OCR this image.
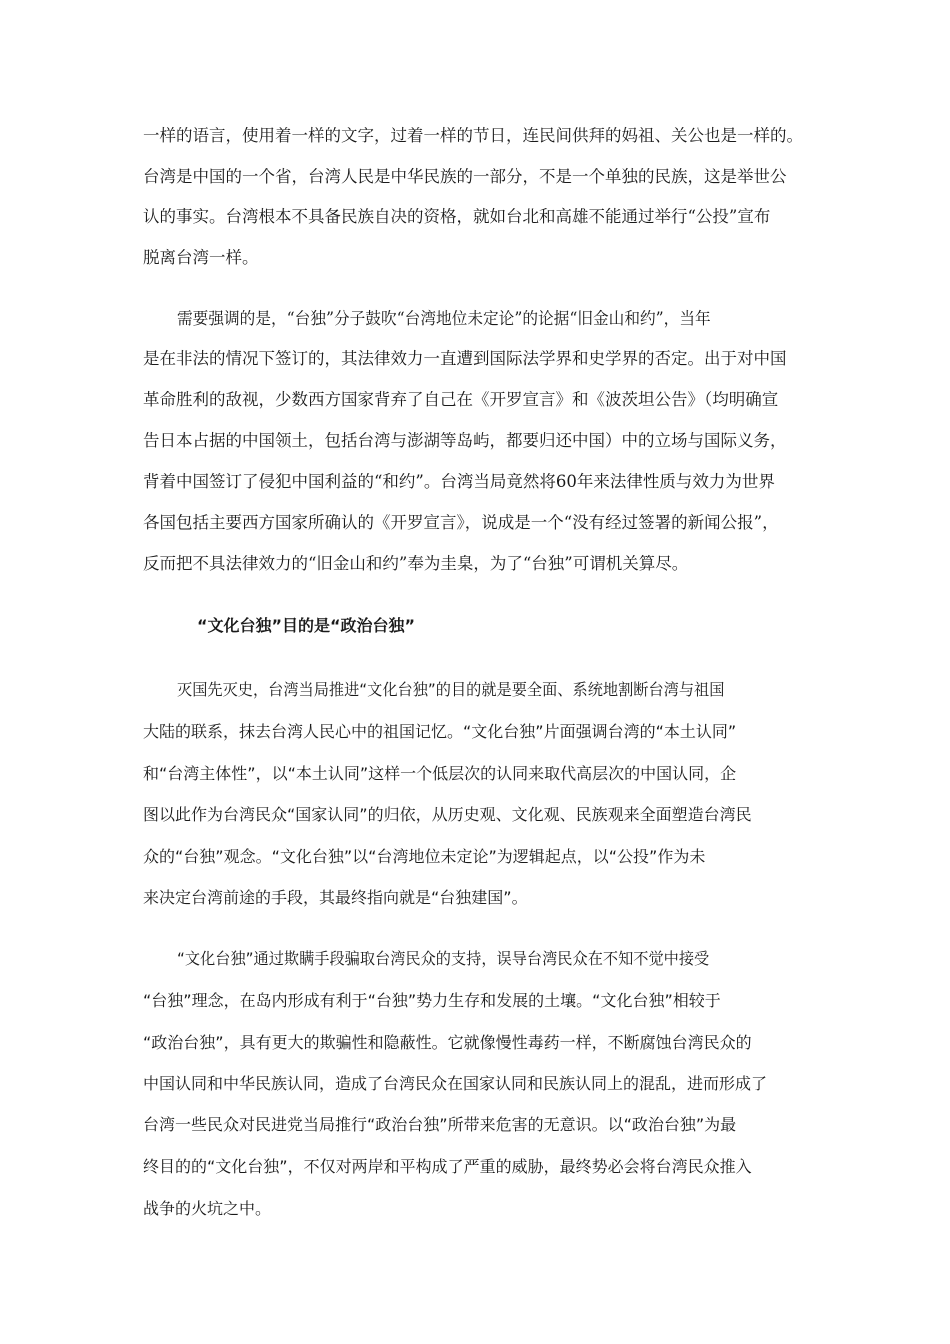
一样的语言，使用着一样的文字，过着一样的节日，连民间供拜的妈祖、关公也是一样的。
台湾是中国的一个省，台湾人民是中华民族的一部分，不是一个单独的民族，这是举世公
认的事实。台湾根本不具备民族自决的资格，就如台北和高雄不能通过举行“公投”宣布
脱离台湾一样。
需要强调的是，“台独”分子鼓吹“台湾地位未定论”的论据“旧金山和约”，当年
是在非法的情况下签订的，其法律效力一直遭到国际法学界和史学界的否定。出于对中国
革命胜利的敌视，少数西方国家背弃了自己在《开罗宣言》和《波茨坦公告》（均明确宣
告日本占据的中国领土，包括台湾与澎湖等岛屿，都要归还中国）中的立场与国际义务，
背着中国签订了侵犯中国利益的“和约”。台湾当局竟然将60年来法律性质与效力为世界
各国包括主要西方国家所确认的《开罗宣言》，说成是一个“没有经过签署的新闻公报”，
反而把不具法律效力的“旧金山和约”奉为圭臬，为了“台独”可谓机关算尽。
“文化台独”目的是“政治台独”
灭国先灭史，台湾当局推进“文化台独”的目的就是要全面、系统地割断台湾与祖国
大陆的联系，抹去台湾人民心中的祖国记忆。“文化台独”片面强调台湾的“本土认同”
和“台湾主体性”，以“本土认同”这样一个低层次的认同来取代高层次的中国认同，企
图以此作为台湾民众“国家认同”的归依，从历史观、文化观、民族观来全面塑造台湾民
众的“台独”观念。“文化台独”以“台湾地位未定论”为逻辑起点，以“公投”作为未
来决定台湾前途的手段，其最终指向就是“台独建国”。
“文化台独”通过欺瞒手段骗取台湾民众的支持，误导台湾民众在不知不觉中接受
“台独”理念，在岛内形成有利于“台独”势力生存和发展的土壤。“文化台独”相较于
“政治台独”，具有更大的欺骗性和隐蔽性。它就像慢性毒药一样，不断腐蚀台湾民众的
中国认同和中华民族认同，造成了台湾民众在国家认同和民族认同上的混乱，进而形成了
台湾一些民众对民进党当局推行“政治台独”所带来危害的无意识。以“政治台独”为最
终目的的“文化台独”，不仅对两岸和平构成了严重的威胁，最终势必会将台湾民众推入
战争的火坑之中。
